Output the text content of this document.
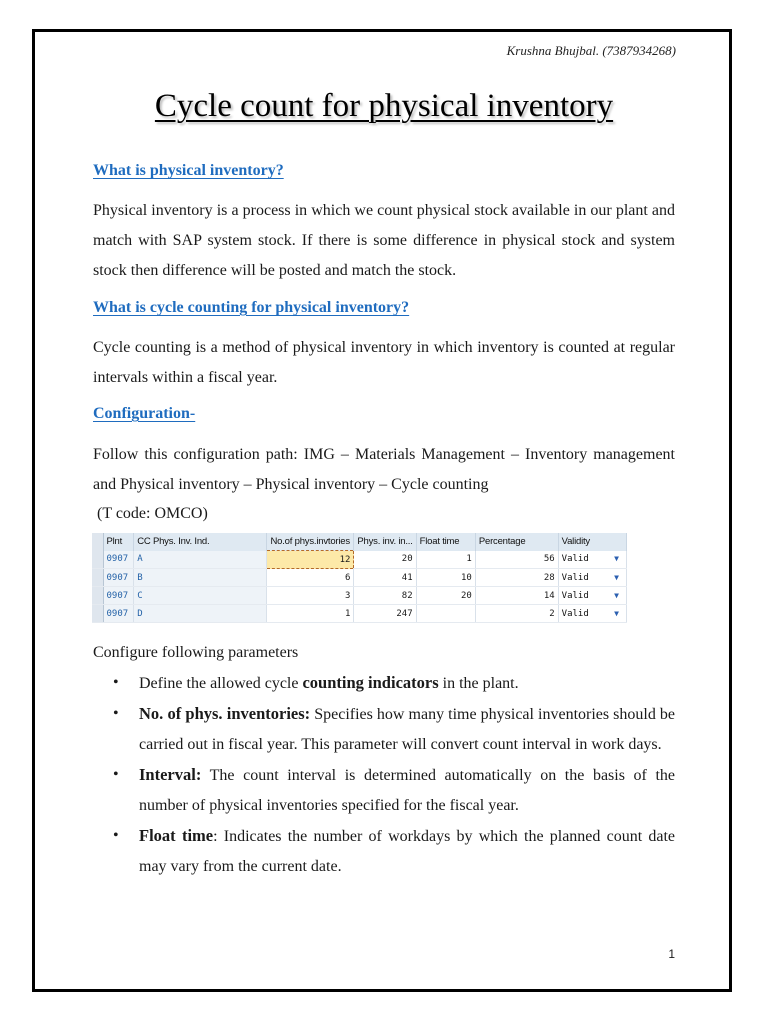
Krushna Bhujbal. (7387934268)
Cycle count for physical inventory
What is physical inventory?

Physical inventory is a process in which we count physical stock available in our plant and match with SAP system stock. If there is some difference in physical stock and system stock then difference will be posted and match the stock.

What is cycle counting for physical inventory?

Cycle counting is a method of physical inventory in which inventory is counted at regular intervals within a fiscal year.

Configuration-

Follow this configuration path: IMG – Materials Management – Inventory management and Physical inventory – Physical inventory – Cycle counting

(T code: OMCO)
	Plnt	CC Phys. Inv. Ind.	No.of phys.invtories	Phys. inv. in...	Float time	Percentage	Validity
	0907	A	12	20	1	56	Valid ▼

	0907	B	6	41	10	28	Valid ▼

	0907	C	3	82	20	14	Valid ▼

	0907	D	1	247		2	Valid ▼

Configure following parameters

• Define the allowed cycle counting indicators in the plant.
• No. of phys. inventories: Specifies how many time physical inventories should be carried out in fiscal year. This parameter will convert count interval in work days.
• Interval: The count interval is determined automatically on the basis of the number of physical inventories specified for the fiscal year.
• Float time: Indicates the number of workdays by which the planned count date may vary from the current date.
1
